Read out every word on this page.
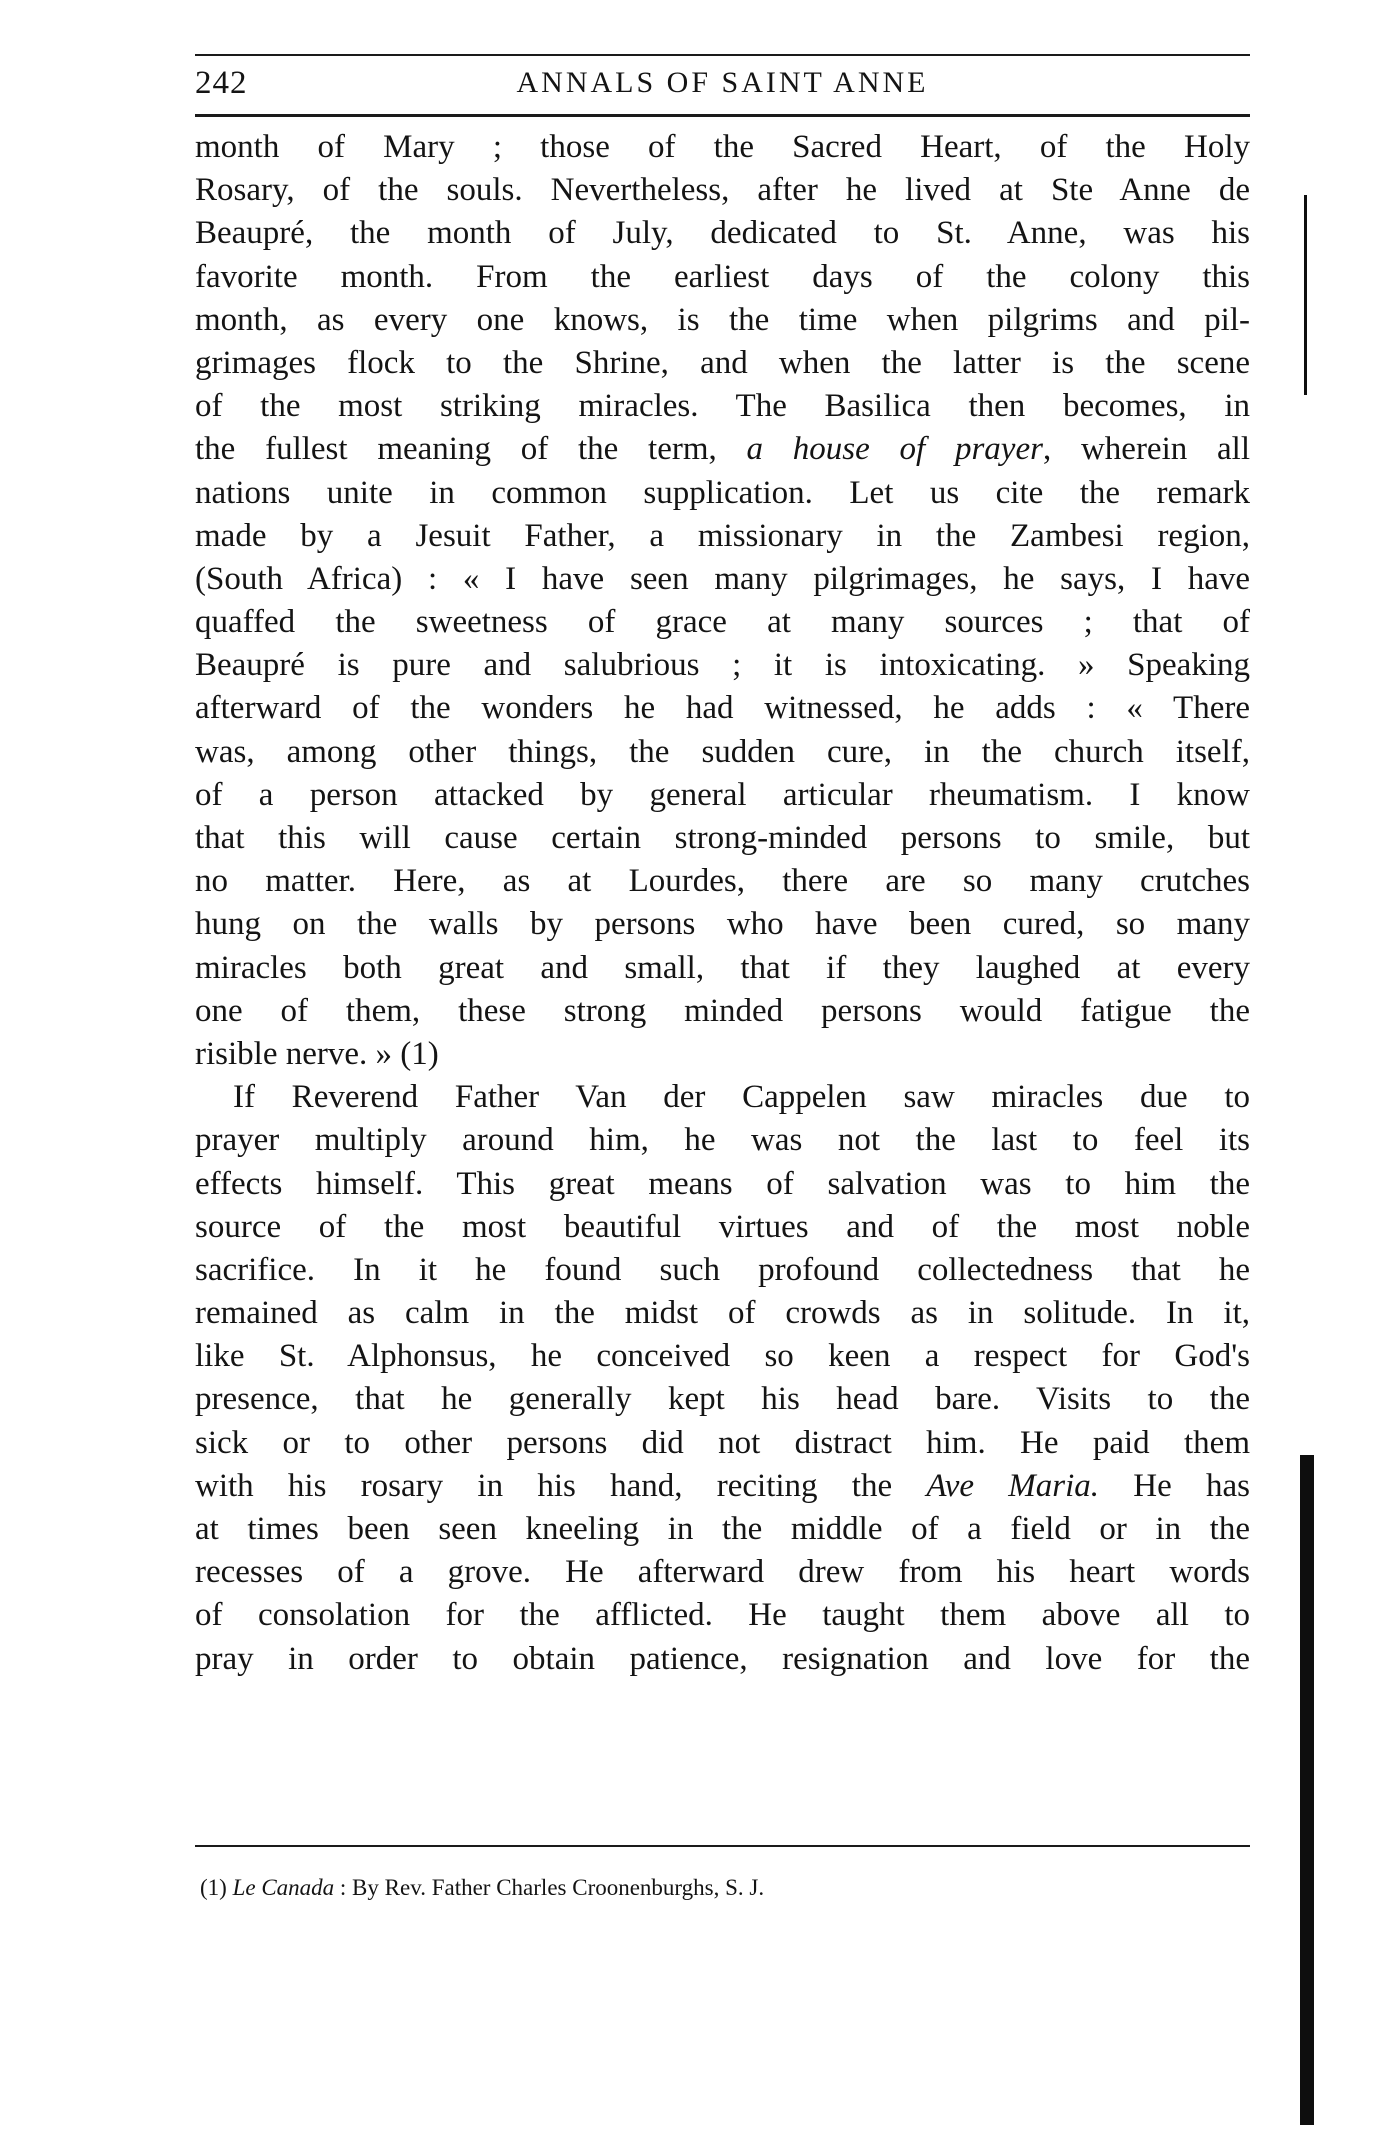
242	ANNALS OF SAINT ANNE
month of Mary ; those of the Sacred Heart, of the Holy
Rosary, of the souls. Nevertheless, after he lived at Ste Anne de
Beaupré, the month of July, dedicated to St. Anne, was his
favorite month. From the earliest days of the colony this
month, as every one knows, is the time when pilgrims and pil-
grimages flock to the Shrine, and when the latter is the scene
of the most striking miracles. The Basilica then becomes, in
the fullest meaning of the term, a house of prayer, wherein all
nations unite in common supplication. Let us cite the remark
made by a Jesuit Father, a missionary in the Zambesi region,
(South Africa) : « I have seen many pilgrimages, he says, I have
quaffed the sweetness of grace at many sources ; that of
Beaupré is pure and salubrious ; it is intoxicating. » Speaking
afterward of the wonders he had witnessed, he adds : « There
was, among other things, the sudden cure, in the church itself,
of a person attacked by general articular rheumatism. I know
that this will cause certain strong-minded persons to smile, but
no matter. Here, as at Lourdes, there are so many crutches
hung on the walls by persons who have been cured, so many
miracles both great and small, that if they laughed at every
one of them, these strong minded persons would fatigue the
risible nerve. » (1)
If Reverend Father Van der Cappelen saw miracles due to
prayer multiply around him, he was not the last to feel its
effects himself. This great means of salvation was to him the
source of the most beautiful virtues and of the most noble
sacrifice. In it he found such profound collectedness that he
remained as calm in the midst of crowds as in solitude. In it,
like St. Alphonsus, he conceived so keen a respect for God's
presence, that he generally kept his head bare. Visits to the
sick or to other persons did not distract him. He paid them
with his rosary in his hand, reciting the Ave Maria. He has
at times been seen kneeling in the middle of a field or in the
recesses of a grove. He afterward drew from his heart words
of consolation for the afflicted. He taught them above all to
pray in order to obtain patience, resignation and love for the
(1) Le Canada : By Rev. Father Charles Croonenburghs, S. J.
